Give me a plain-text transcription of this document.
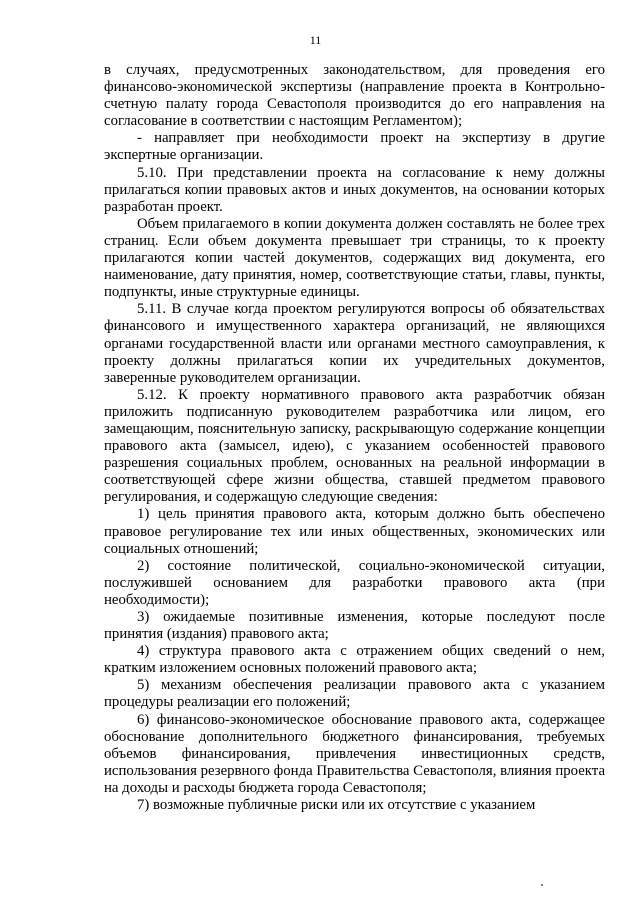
11

в случаях, предусмотренных законодательством, для проведения его финансово-экономической экспертизы (направление проекта в Контрольно-счетную палату города Севастополя производится до его направления на согласование в соответствии с настоящим Регламентом);

- направляет при необходимости проект на экспертизу в другие экспертные организации.

5.10. При представлении проекта на согласование к нему должны прилагаться копии правовых актов и иных документов, на основании которых разработан проект.

Объем прилагаемого в копии документа должен составлять не более трех страниц. Если объем документа превышает три страницы, то к проекту прилагаются копии частей документов, содержащих вид документа, его наименование, дату принятия, номер, соответствующие статьи, главы, пункты, подпункты, иные структурные единицы.

5.11. В случае когда проектом регулируются вопросы об обязательствах финансового и имущественного характера организаций, не являющихся органами государственной власти или органами местного самоуправления, к проекту должны прилагаться копии их учредительных документов, заверенные руководителем организации.

5.12. К проекту нормативного правового акта разработчик обязан приложить подписанную руководителем разработчика или лицом, его замещающим, пояснительную записку, раскрывающую содержание концепции правового акта (замысел, идею), с указанием особенностей правового разрешения социальных проблем, основанных на реальной информации в соответствующей сфере жизни общества, ставшей предметом правового регулирования, и содержащую следующие сведения:

1) цель принятия правового акта, которым должно быть обеспечено правовое регулирование тех или иных общественных, экономических или социальных отношений;

2) состояние политической, социально-экономической ситуации, послужившей основанием для разработки правового акта (при необходимости);

3) ожидаемые позитивные изменения, которые последуют после принятия (издания) правового акта;

4) структура правового акта с отражением общих сведений о нем, кратким изложением основных положений правового акта;

5) механизм обеспечения реализации правового акта с указанием процедуры реализации его положений;

6) финансово-экономическое обоснование правового акта, содержащее обоснование дополнительного бюджетного финансирования, требуемых объемов финансирования, привлечения инвестиционных средств, использования резервного фонда Правительства Севастополя, влияния проекта на доходы и расходы бюджета города Севастополя;

7) возможные публичные риски или их отсутствие с указанием
